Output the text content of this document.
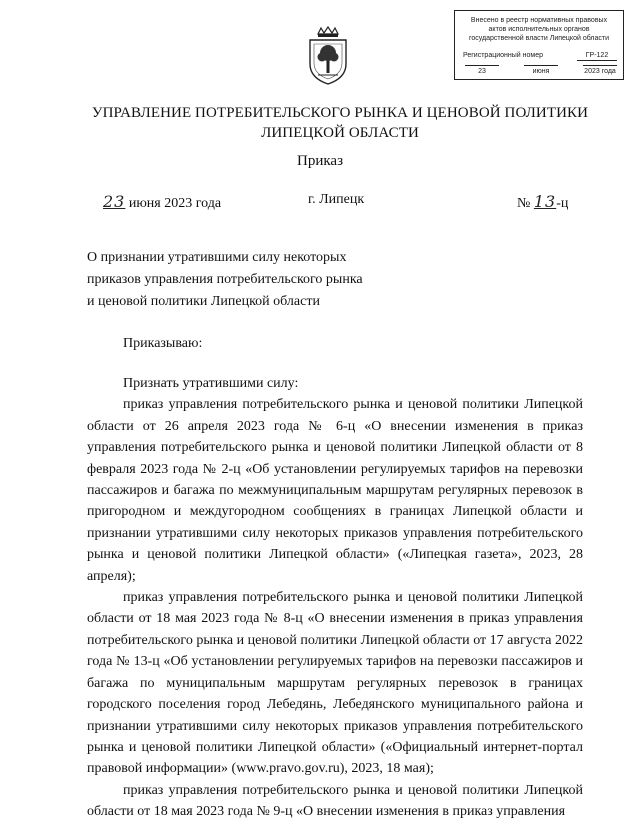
Внесено в реестр нормативных правовых
актов исполнительных органов
государственной власти Липецкой области
Регистрационный номер	ГР-122
23	июня	2023 года
УПРАВЛЕНИЕ ПОТРЕБИТЕЛЬСКОГО РЫНКА И ЦЕНОВОЙ ПОЛИТИКИ
ЛИПЕЦКОЙ ОБЛАСТИ
Приказ
23 июня 2023 года	г. Липецк	№ 13-ц
О признании утратившими силу некоторых
приказов управления потребительского рынка
и ценовой политики Липецкой области

Приказываю:

Признать утратившими силу:

приказ управления потребительского рынка и ценовой политики Липецкой области от 26 апреля 2023 года № 6-ц «О внесении изменения в приказ управления потребительского рынка и ценовой политики Липецкой области от 8 февраля 2023 года № 2-ц «Об установлении регулируемых тарифов на перевозки пассажиров и багажа по межмуниципальным маршрутам регулярных перевозок в пригородном и междугородном сообщениях в границах Липецкой области и признании утратившими силу некоторых приказов управления потребительского рынка и ценовой политики Липецкой области» («Липецкая газета», 2023, 28 апреля);

приказ управления потребительского рынка и ценовой политики Липецкой области от 18 мая 2023 года № 8-ц «О внесении изменения в приказ управления потребительского рынка и ценовой политики Липецкой области от 17 августа 2022 года № 13-ц «Об установлении регулируемых тарифов на перевозки пассажиров и багажа по муниципальным маршрутам регулярных перевозок в границах городского поселения город Лебедянь, Лебедянского муниципального района и признании утратившими силу некоторых приказов управления потребительского рынка и ценовой политики Липецкой области» («Официальный интернет-портал правовой информации» (www.pravo.gov.ru), 2023, 18 мая);

приказ управления потребительского рынка и ценовой политики Липецкой области от 18 мая 2023 года № 9-ц «О внесении изменения в приказ управления
